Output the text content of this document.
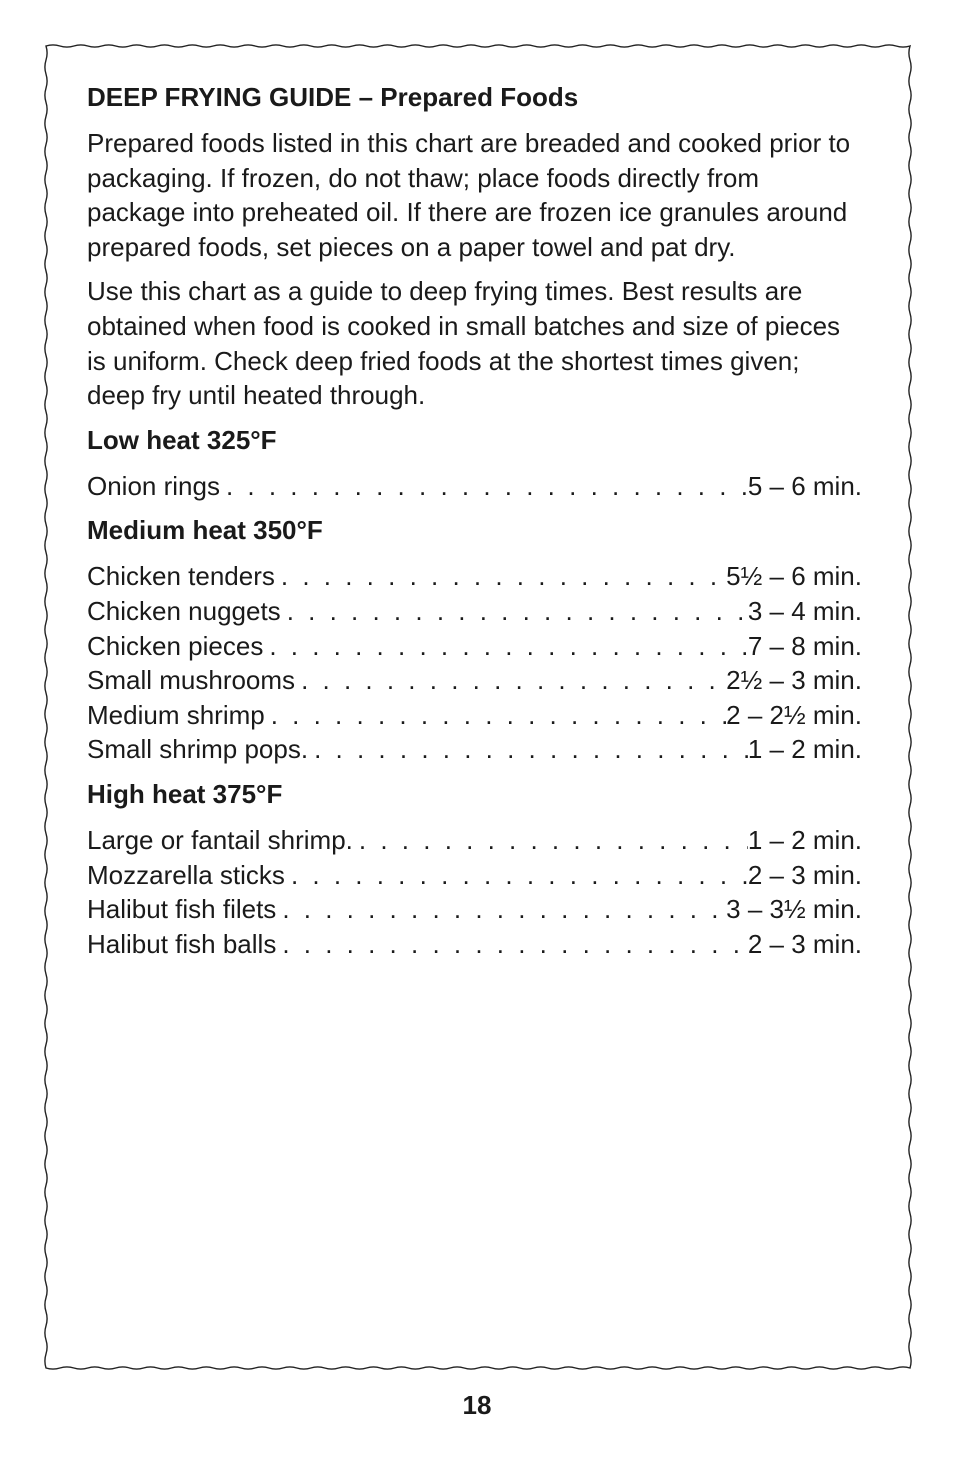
DEEP FRYING GUIDE – Prepared Foods

Prepared foods listed in this chart are breaded and cooked prior to packaging. If frozen, do not thaw; place foods directly from package into preheated oil. If there are frozen ice granules around prepared foods, set pieces on a paper towel and pat dry.

Use this chart as a guide to deep frying times. Best results are obtained when food is cooked in small batches and size of pieces is uniform. Check deep fried foods at the shortest times given; deep fry until heated through.

Low heat 325°F
Onion rings . . .	5 – 6 min.
Medium heat 350°F
Chicken tenders . . .	5½ – 6 min.
Chicken nuggets . . .	3 – 4 min.
Chicken pieces . . .	7 – 8 min.
Small mushrooms . . .	2½ – 3 min.
Medium shrimp . . .	2 – 2½ min.
Small shrimp pops. . . .	1 – 2 min.
High heat 375°F
Large or fantail shrimp. . . .	1 – 2 min.
Mozzarella sticks . . .	2 – 3 min.
Halibut fish filets . . .	3 – 3½ min.
Halibut fish balls . . .	2 – 3 min.
18
